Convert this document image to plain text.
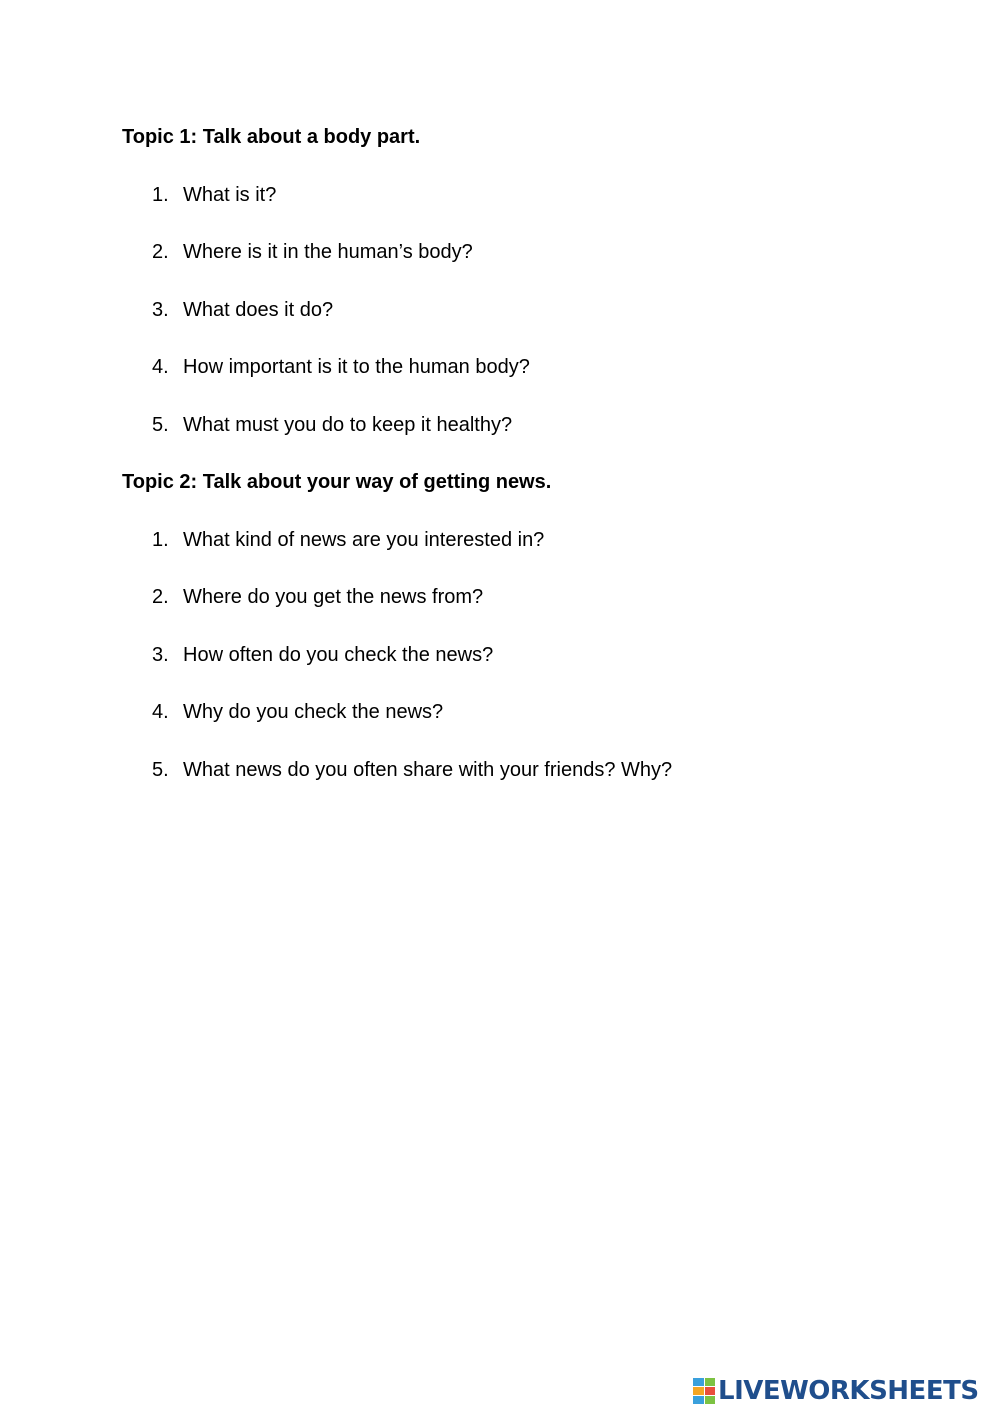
Topic 1: Talk about a body part.
1. What is it?
2. Where is it in the human’s body?
3. What does it do?
4. How important is it to the human body?
5. What must you do to keep it healthy?
Topic 2: Talk about your way of getting news.
1. What kind of news are you interested in?
2. Where do you get the news from?
3. How often do you check the news?
4. Why do you check the news?
5. What news do you often share with your friends? Why?
LIVEWORKSHEETS
